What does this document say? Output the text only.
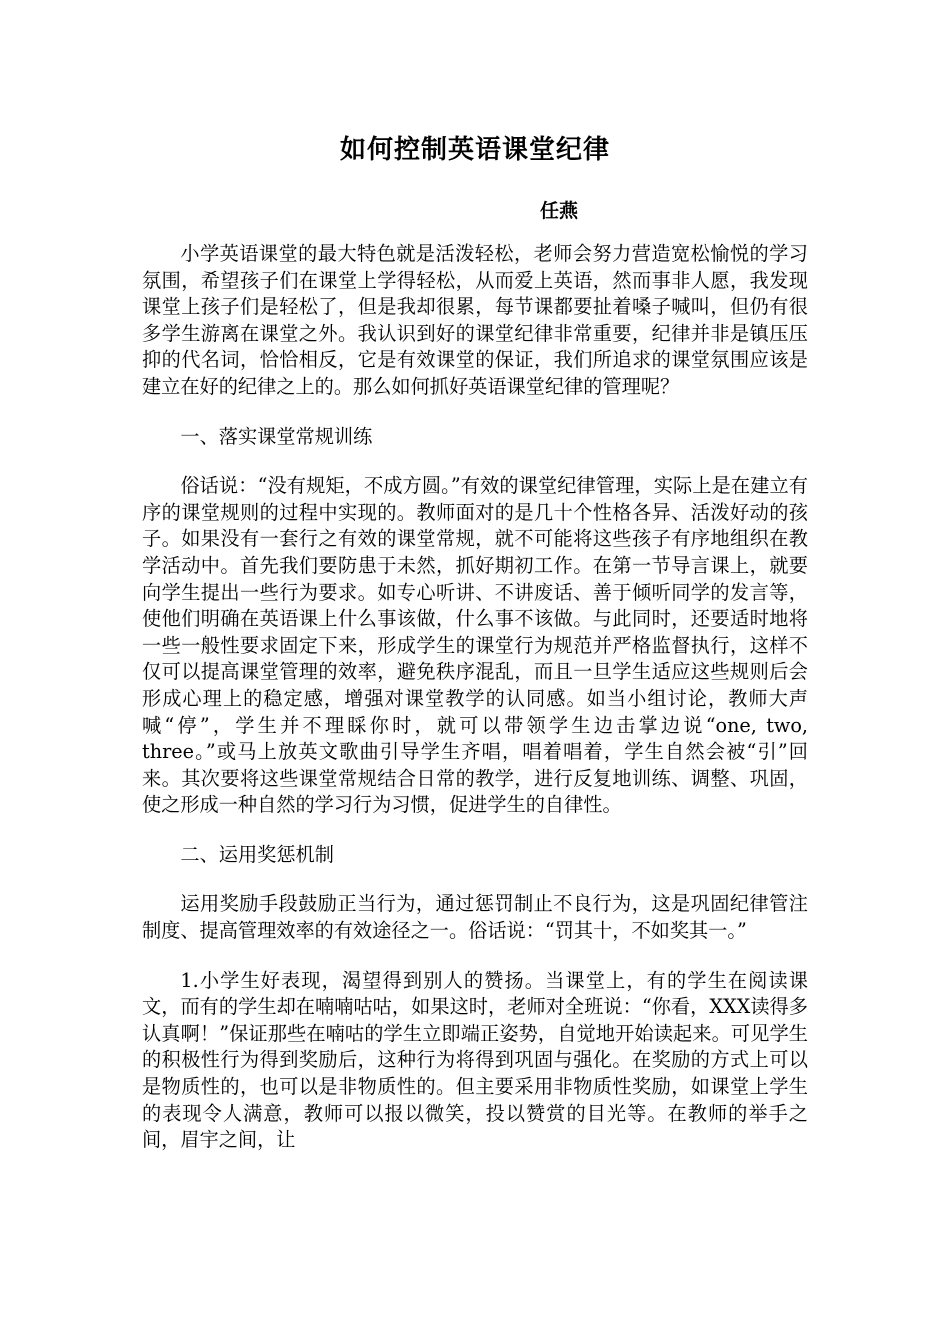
如何控制英语课堂纪律
任燕

小学英语课堂的最大特色就是活泼轻松，老师会努力营造宽松愉悦的学习氛围，希望孩子们在课堂上学得轻松，从而爱上英语，然而事非人愿，我发现课堂上孩子们是轻松了，但是我却很累，每节课都要扯着嗓子喊叫，但仍有很多学生游离在课堂之外。我认识到好的课堂纪律非常重要，纪律并非是镇压压抑的代名词，恰恰相反，它是有效课堂的保证，我们所追求的课堂氛围应该是建立在好的纪律之上的。那么如何抓好英语课堂纪律的管理呢？

一、落实课堂常规训练

俗话说：“没有规矩，不成方圆。”有效的课堂纪律管理，实际上是在建立有序的课堂规则的过程中实现的。教师面对的是几十个性格各异、活泼好动的孩子。如果没有一套行之有效的课堂常规，就不可能将这些孩子有序地组织在教学活动中。首先我们要防患于未然，抓好期初工作。在第一节导言课上，就要向学生提出一些行为要求。如专心听讲、不讲废话、善于倾听同学的发言等，使他们明确在英语课上什么事该做，什么事不该做。与此同时，还要适时地将一些一般性要求固定下来，形成学生的课堂行为规范并严格监督执行，这样不仅可以提高课堂管理的效率，避免秩序混乱，而且一旦学生适应这些规则后会形成心理上的稳定感，增强对课堂教学的认同感。如当小组讨论，教师大声喊“停”，学生并不理睬你时，就可以带领学生边击掌边说“one, two, three。”或马上放英文歌曲引导学生齐唱，唱着唱着，学生自然会被“引”回来。其次要将这些课堂常规结合日常的教学，进行反复地训练、调整、巩固，使之形成一种自然的学习行为习惯，促进学生的自律性。

二、运用奖惩机制

运用奖励手段鼓励正当行为，通过惩罚制止不良行为，这是巩固纪律管注制度、提高管理效率的有效途径之一。俗话说：“罚其十，不如奖其一。”

1.小学生好表现，渴望得到别人的赞扬。当课堂上，有的学生在阅读课文，而有的学生却在喃喃咕咕，如果这时，老师对全班说：“你看，XXX读得多认真啊！”保证那些在喃咕的学生立即端正姿势，自觉地开始读起来。可见学生的积极性行为得到奖励后，这种行为将得到巩固与强化。在奖励的方式上可以是物质性的，也可以是非物质性的。但主要采用非物质性奖励，如课堂上学生的表现令人满意，教师可以报以微笑，投以赞赏的目光等。在教师的举手之间，眉宇之间，让
